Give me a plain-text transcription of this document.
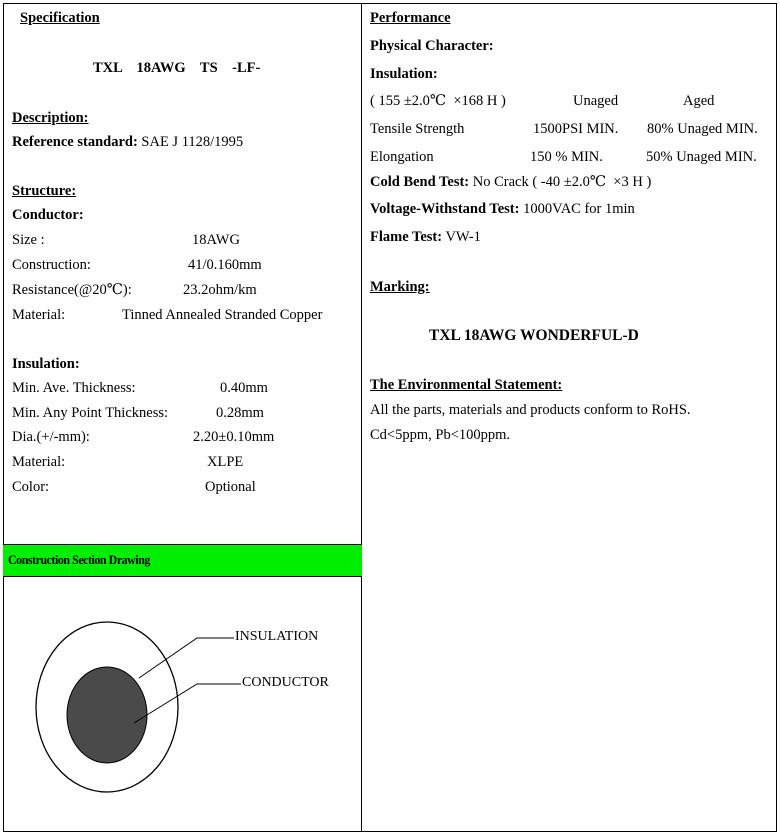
Specification
TXL    18AWG    TS    -LF-
Description:
Reference standard: SAE J 1128/1995
Structure:
Conductor:
Size :	18AWG
Construction:	41/0.160mm
Resistance(@20℃):	23.2ohm/km
Material:	Tinned Annealed Stranded Copper
Insulation:
Min. Ave. Thickness:	0.40mm
Min. Any Point Thickness:	0.28mm
Dia.(+/-mm):	2.20±0.10mm
Material:	XLPE
Color:	Optional
Construction Section Drawing
INSULATION
CONDUCTOR
Performance
Physical Character:
Insulation:
( 155 ±2.0℃  ×168 H )	Unaged	Aged
Tensile Strength	1500PSI MIN. 80% Unaged MIN.
Elongation	150 % MIN.	50% Unaged MIN.
Cold Bend Test: No Crack ( -40 ±2.0℃  ×3 H )
Voltage-Withstand Test: 1000VAC for 1min
Flame Test: VW-1
Marking:
TXL 18AWG WONDERFUL-D
The Environmental Statement:
All the parts, materials and products conform to RoHS.
Cd<5ppm, Pb<100ppm.
